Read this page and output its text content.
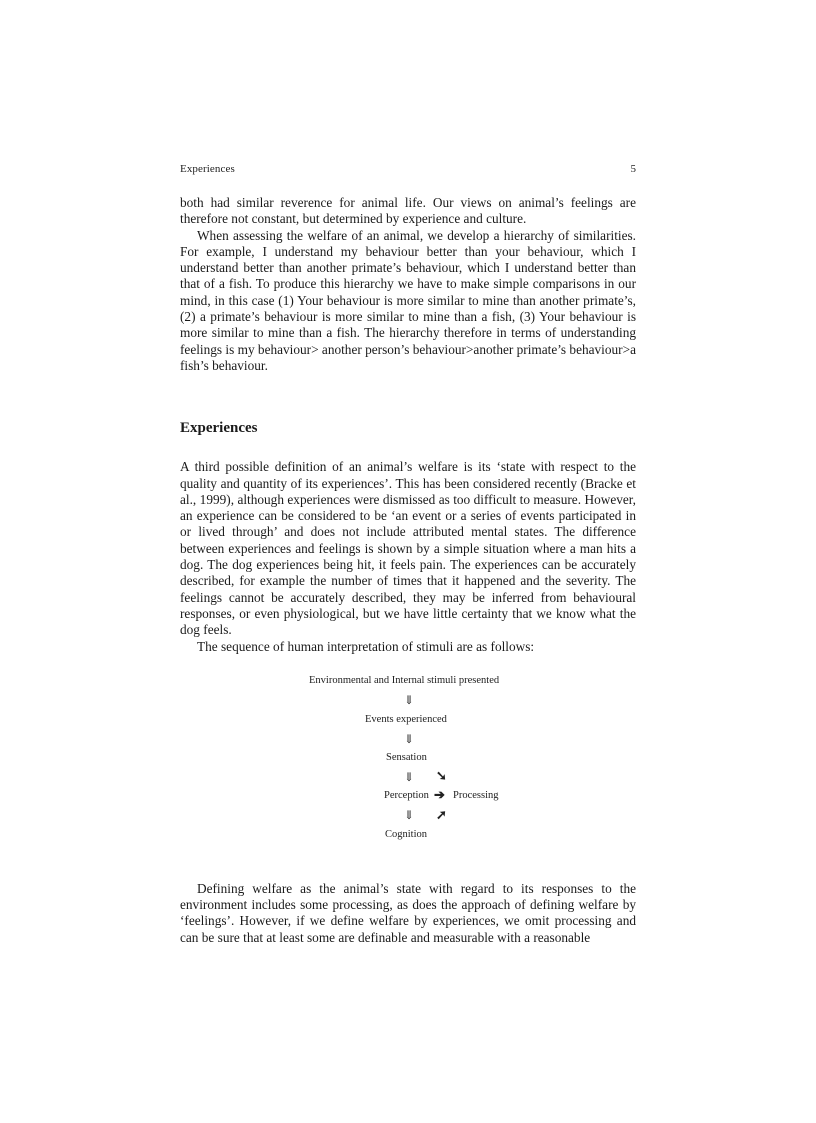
Experiences	5

both had similar reverence for animal life. Our views on animal’s feelings are therefore not constant, but determined by experience and culture.

When assessing the welfare of an animal, we develop a hierarchy of similarities. For example, I understand my behaviour better than your behaviour, which I understand better than another primate’s behaviour, which I understand better than that of a fish. To produce this hierarchy we have to make simple comparisons in our mind, in this case (1) Your behaviour is more similar to mine than another primate’s, (2) a primate’s behaviour is more similar to mine than a fish, (3) Your behaviour is more similar to mine than a fish. The hierarchy therefore in terms of understanding feelings is my behaviour> another person’s behaviour>another primate’s behaviour>a fish’s behaviour.

Experiences

A third possible definition of an animal’s welfare is its ‘state with respect to the quality and quantity of its experiences’. This has been considered recently (Bracke et al., 1999), although experiences were dismissed as too difficult to measure. However, an experience can be considered to be ‘an event or a series of events participated in or lived through’ and does not include attributed mental states. The difference between experiences and feelings is shown by a simple situation where a man hits a dog. The dog experiences being hit, it feels pain. The experiences can be accurately described, for example the number of times that it happened and the severity. The feelings cannot be accurately described, they may be inferred from behavioural responses, or even physiological, but we have little certainty that we know what the dog feels.

The sequence of human interpretation of stimuli are as follows:

Environmental and Internal stimuli presented
⇓
Events experienced
⇓
Sensation
⇓ ➘
Perception ➔ Processing
⇓ ➚
Cognition

Defining welfare as the animal’s state with regard to its responses to the environment includes some processing, as does the approach of defining welfare by ‘feelings’. However, if we define welfare by experiences, we omit processing and can be sure that at least some are definable and measurable with a reasonable
